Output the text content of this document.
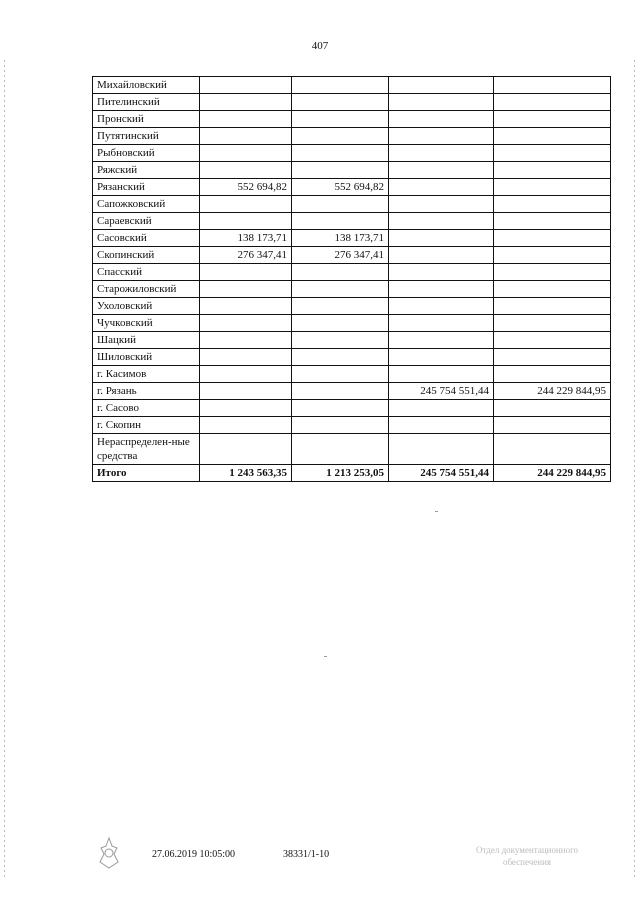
407
Михайловский				
Пителинский				
Пронский				
Путятинский				
Рыбновский				
Ряжский				
Рязанский	552 694,82	552 694,82		
Сапожковский				
Сараевский				
Сасовский	138 173,71	138 173,71		
Скопинский	276 347,41	276 347,41		
Спасский				
Старожиловский				
Ухоловский				
Чучковский				
Шацкий				
Шиловский				
г. Касимов				
г. Рязань			245 754 551,44	244 229 844,95
г. Сасово				
г. Скопин				
Нераспределен-ные средства				
Итого	1 243 563,35	1 213 253,05	245 754 551,44	244 229 844,95
27.06.2019 10:05:00	38331/1-10	Отдел документационного
обеспечения
